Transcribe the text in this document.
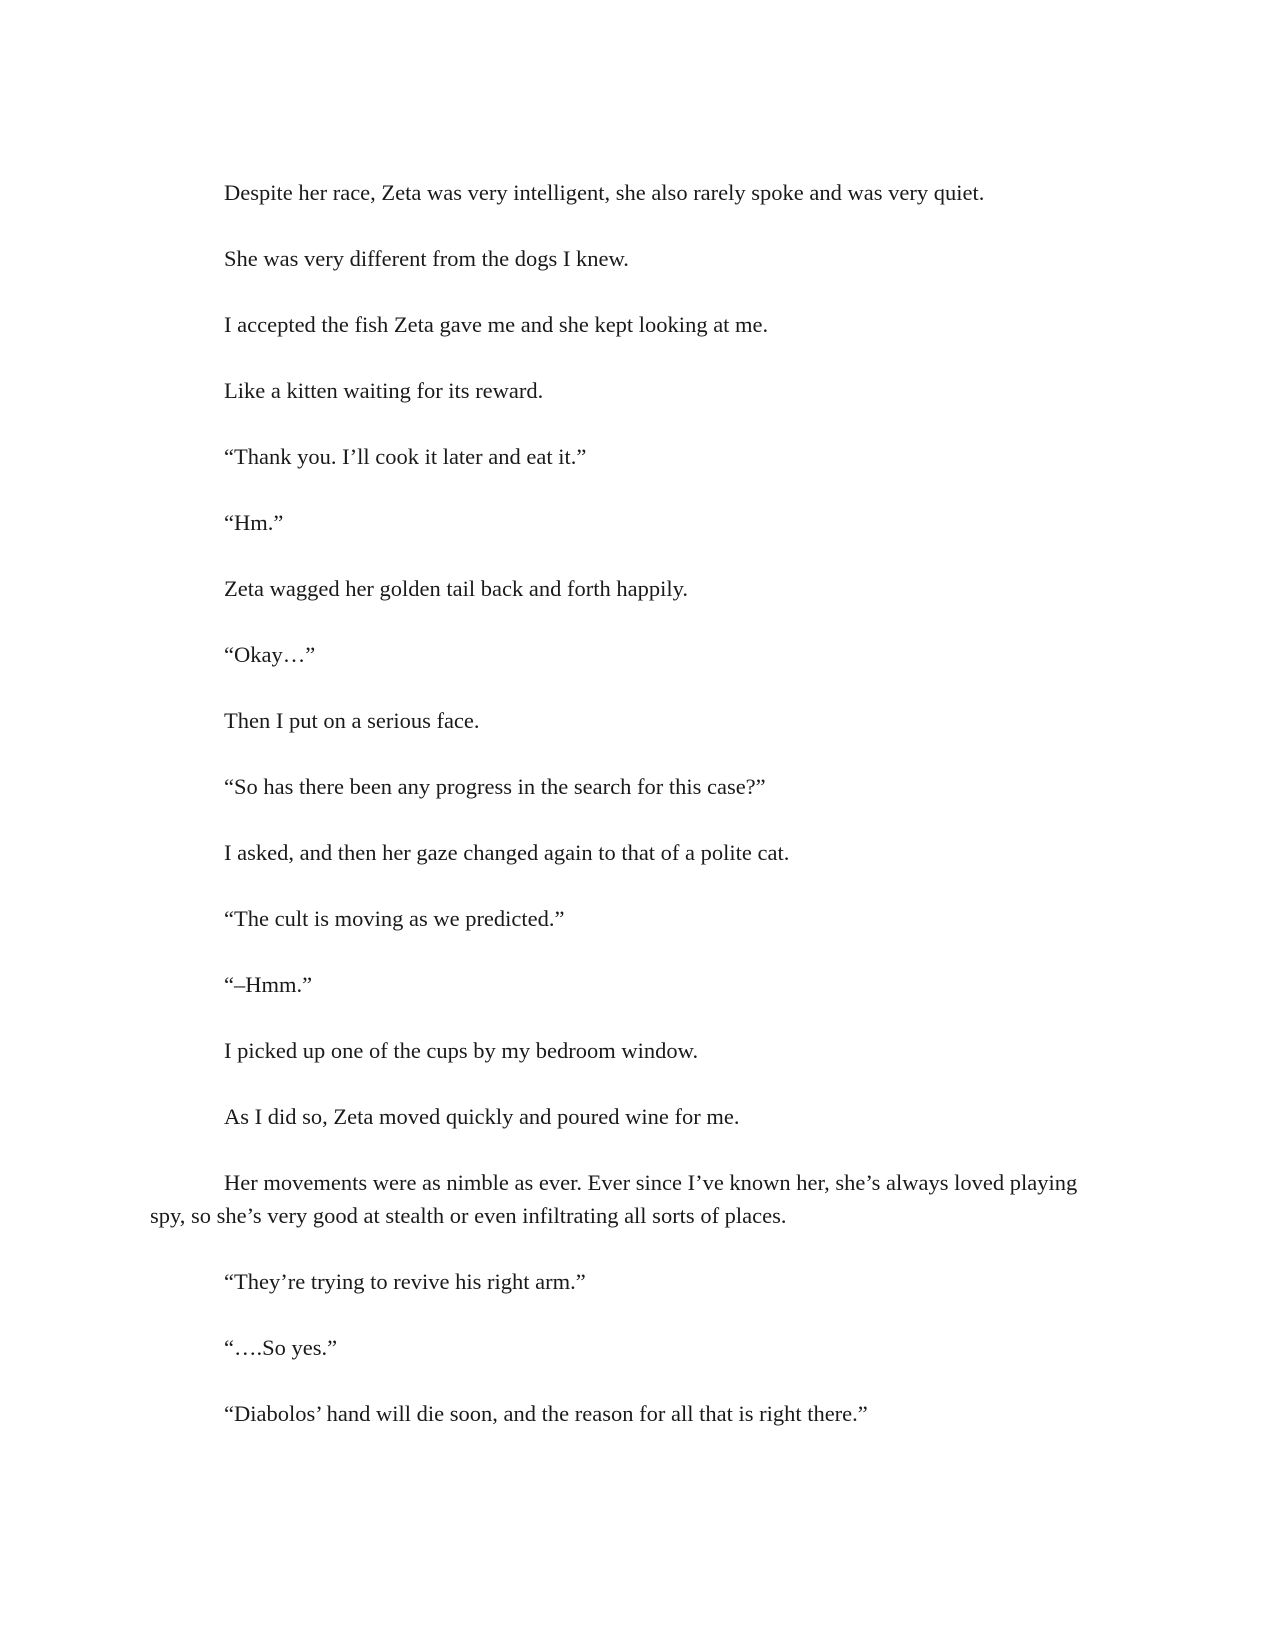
Despite her race, Zeta was very intelligent, she also rarely spoke and was very quiet.

She was very different from the dogs I knew.

I accepted the fish Zeta gave me and she kept looking at me.

Like a kitten waiting for its reward.

“Thank you. I’ll cook it later and eat it.”

“Hm.”

Zeta wagged her golden tail back and forth happily.

“Okay…”

Then I put on a serious face.

“So has there been any progress in the search for this case?”

I asked, and then her gaze changed again to that of a polite cat.

“The cult is moving as we predicted.”

“–Hmm.”

I picked up one of the cups by my bedroom window.

As I did so, Zeta moved quickly and poured wine for me.

Her movements were as nimble as ever. Ever since I’ve known her, she’s always loved playing spy, so she’s very good at stealth or even infiltrating all sorts of places.

“They’re trying to revive his right arm.”

“….So yes.”

“Diabolos’ hand will die soon, and the reason for all that is right there.”
